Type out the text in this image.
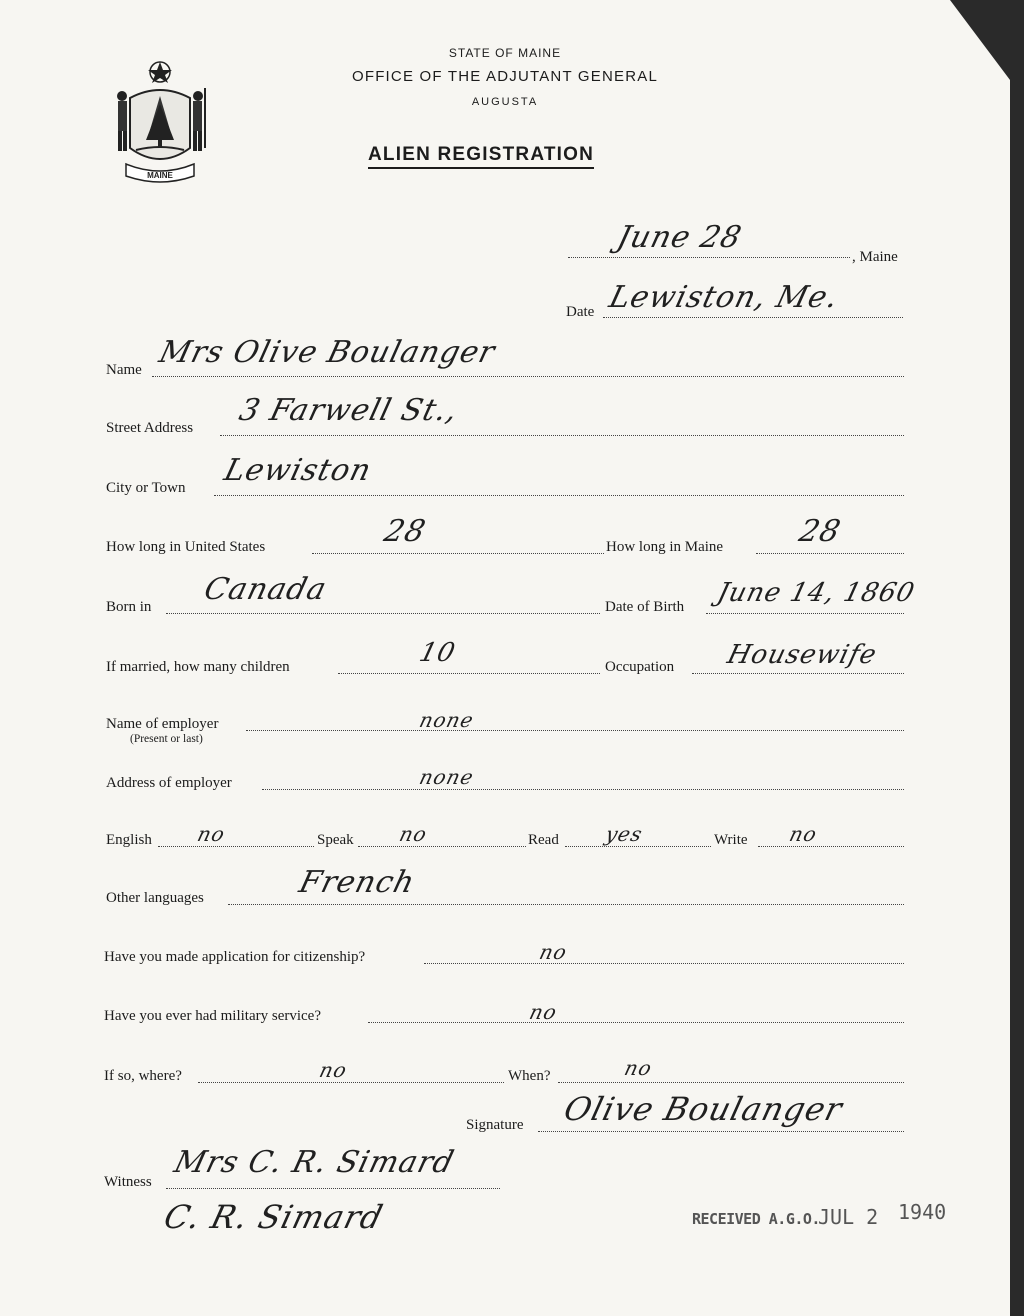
MAINE
STATE OF MAINE
OFFICE OF THE ADJUTANT GENERAL
AUGUSTA
ALIEN REGISTRATION
, Maine
June 28
Date Lewiston, Me.
Name Mrs Olive Boulanger
Street Address 3 Farwell St.,
City or Town Lewiston
How long in United States	28	How long in Maine 28
Born in Canada	Date of Birth June 14, 1860
If married, how many children	10	Occupation Housewife
Name of employer
(Present or last)
none
Address of employer	none
English no	Speak no	Read yes	Write no
Other languages	French
Have you made application for citizenship?	no
Have you ever had military service?	no
If so, where?	no	When?	no
Signature Olive Boulanger
Witness
Mrs C. R. Simard
C. R. Simard	RECEIVED A.G.O.
JUL 2 1940
